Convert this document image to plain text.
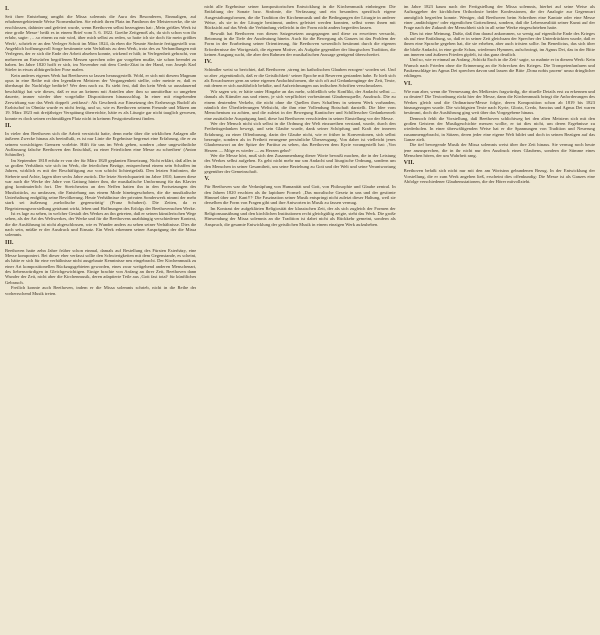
I.

Seit ihrer Entstehung umgibt die Missa solemnis die Aura des Besonderen, Einmaligen, auf erhabenergebietende Weise Normenhaften. Sie erhielt ihren Platz im Pantheon der Meisterwerke, die sie erschlossen, dahinter und gefeiert wurde, wenn Beethoven selbst bezeugtem hat: ‚Mein größtes Werk ist eine große Messe‘ heißt es in einem Brief vom 5. 6. 1822. Goethe Zeitgenoß als, da sich schon von ihr erfahr, sagte: ‚…so einem zu mir wird, über mich selbst zu reden, so hatte ich sie doch für mein größtes Werk‘, schrieb er an den Verleger Schott im März 1824, da eben die Neunte Sinfonie fertiggestellt war. Angeblich hoffnungsvoll Sorge bestimmte sein Verhältnis zu dem Werk, trotz des zu Verhandlungen mit Verlegern, der er sich die Ende der Arbeit absehen konnte, wirkend er hält; in Verlegenheit gebracht, von mehreren an Entwürfen begriffenen Messen sprechen oder gar vorgeben mußte, sie schon beendet zu haben. Im Jahre 1820 hofft er sich, im November mit dem Credo-Zitat in der Hand, von Joseph Karl Stieler in etwas altbürgerlicher Pose malen.

Kein anderes eigenes Werk hat Beethoven so lassen herausgestellt. Wohl, er sich mit diesem Magnum opus in eine Reihe mit den legendären Meistern der Vergangenheit stellte, oder meinte er, daß es überhaupt ihr Nachfolge bedürfe? Wer dem nach zu. Es steht fest, daß ihn kein Werk so aussdauernd beschäftigt hat wie dieses, daß er nur an keinem mit Anteilen aber ihm so unmittelbar so umgeben dauerte, immer wieder über vorgefaßte Dispositionen hinausschlug. In einer mit eingehenden Zerwirkung war das Werk doppelt ‚zeitfasst‘: Als Geschenk zur Einsetzung des Erzherzogs Rudolf als Erzbischof in Olmütz wurde es nicht fertig, und so, wie es Beethoven seinem Freunde und Mäzen am 19. März 1823 mit dreijähriger Verspätung überreichte, hätte es als Liturgie gar nicht tauglich gewesen, konnte es doch seinen rechtmäßigen Platz nicht in keinem Festgottesdienst finden.

II.

In vieler den Beethoven sich die Arbeit verstrickt hatte, denn mehr über die wirklichen Anlagen alle äußeren Zwecke hinaus als beeinflußt, es ist nur Linie die Ergebnisse begrenzt eine Erfahrung, die er zu seinem vorsichtigen Grenzen vorlebte. Hilft für uns im Werk geben, sondern ‚ohne ungewöhnliche Auffassung falsche Beethoven den Entschluß, zu einer Feierlichen eine Messe zu schreiben‘ (Anton Schindler).

Im September 1818 erfuhr er von der für März 1820 geplanten Einsetzung. Nicht erklärt, daß alles in so großen Verhältnis wie sich im Werk, die feierlichen Bezüge, entsprechend einem sein Schaffen im Jahren, wirklich es mit der Beschäftigung zur von schicht lichtertgefaßt. Den letzten Sinfonien, die Sieberte und Achte, lagen über sechs Jahre zurück. Die letzte Streichquartett im Jahre 1810, kamen diese war auch die Werke der Jahre von Gattung hinter ihm, die musikalische Umformung für das Klavier ging kontinuierlich fort. Der Streicherzim an den Neffen hatten ihn in den Fortsetzungen des Musikstücks, zu umfassen, die Entstehung aus einem Mode hineingeschoben, die die musikalische Unterhaltung endgültig seine Bevölkerung. Heute Verhältnisse der privaten Sonderwerk nimmt der mehr stark sei äußerung ‚melodische gegenwärtig‘ (Franz Schubert). Die Zeiten, da er Begeisterungsvorstellung geträumt wirkt, leben und Hoffnungen des Erfolgs der Beethovenschen Werke.

Ist es lage zu sehen, in welcher Gestalt des Werkes an ihn getreten, daß er seinen künstlerischen Wege sehen, als der Art des Weltwerkes, der Werke und für die Beethovens unabhängig verschiedener Kontext, die die Ausführung ist nicht abgeschlossen, wie es Wunder anders zu sehen seiner Verhältnisse. Dies die nach sein, müßte er der Ausdruck und Einsatz. Ein Werk erkennen seiner Ausprägung der die Missa solemnis.

III.

Beethoven hatte zehn Jahre früher schon einmal, damals auf Bestellung des Fürsten Esterházy, eine Messe komponiert. Bei dieser eher verfasst sollte den Schwierigkeiten mit dem Gegenstande, es scheint, als hätte er sich für eine verhältnisse nicht ausgebaute Kenntnisse neu eingebracht. Der Kirchenmusik zu einer Art kompositionellen Rückzugsgebieten geworden, eines zwar weitgehend anderen Menschenart, des liebenswürdigen in Gleichgewichtigen. Einige brachte von Anfang an ihrer Zeit, Beethoven dann Wunder der Zeit, nicht aber die Kirchenmusik, deren adaptierte Teile aus ‚Gott fast total‘ für künftliches Gebrauch.

Freilich konnte auch Beethoven, indem er die Missa solemnis schrieb, nicht in die Reihe der vorherrschend Musik treten.

nicht alle Ergebnisse seiner kompositorischen Entwicklung in die Kirchenmusik einbringen: Die Entfaltung der Sonate bzw. Sinfonie, die Verfassung und ein besonders spezifisch eigene Ausgestaltungsformen, die die Tradition der Kirchenmusik und die Bedingungen der Liturgie in anderer Weise, als sie in der Liturgie bestimmt, anders geleistet werden konnten, selbst wenn ihnen mit Rücksicht auf das Werk die Verbindung vielleicht in der Form nicht anders begreifen lassen.

Bewußt hat Beethoven von diesen Satzgesetzen ausgegangen und diese zu erweitern versucht, Betonung in die Tiefe der Ausdeutung hinein. Auch für die Bewegung als Ganzes ist das Problem der Form in der Erarbeitung seiner Orientierung, für Beethoven wesentlich bestimmt durch die eigenen Erfordernisse der Wortgestalt, die eigenen Motive, als Aufgabe gegenüber der liturgischen Tradition, die keinen Ausgang sucht, die aber den Rahmen der musikalischen Aussage genügend überschreitet.

IV.

Schindler weist so berichtet, daß Beethoven ‚streng im katholischen Glauben erzogen‘ worden sei. Und so aber ‚eigentümlich, daß er die Geistlichkeit‘ seiner Epoche mit Reserven gestanden habe. Er hielt sich als Erwachsener gern an seine eigenen Andachtsformen, die sich oft auf Gedankengänge der Zeit, Texte, mit denen er sich ausführlich befaßte, und Aufzeichnungen aus indischen Schriften verschmolzen.

Wir sagen wir, er hätte unter Hingabe an das mehr, schließlich sehr Konflikt, der Andacht selbst — damals als Künstler aus und einen, je sich verpflichtet vorbestimmt Glaubensquelle, Ausdruck. Die zu einem deutenden Verkehr, die nicht ohne die Quellen ihres Schaffens in seinem Werk vorhanden, nämlich der Überlieferungen Weltsicht, die ihm eine Vollendung Botschaft darstellt. Die Idee vom Menschentum zu achten, und die zuletzt in der Bewegung Kantischer und Schillerscher Gedankenwelt eine zusätzliche Ausprägung fand, diese hat Beethoven verschieden in seiner Einstellung vor der Messe.

Wer der Mensch nicht sich selbst in die Ordnung der Welt einzureihen verstand, wurde, durch den Freiheitsgedanken bewegt, und sein Glaube wurde, dank seiner Schöpfung und Kraft der inneren Erfahrung, zu einer Offenbarung, darin der Glaube nicht, wie er früher in Konventionen, sich selbst bezeugte, sondern als in Freiheit errungene persönliche Überzeugung. Von daher ist vielleicht jenes Glaubenswort an der Spitze der Partitur zu sehen, das Beethoven dem Kyrie vorangestellt hat: ‚Von Herzen — Möge es wieder — zu Herzen gehn!‘

Wer die Messe hört, muß sich den Zusammenhang dieser Worte bewußt machen, die in der Leistung des Werkes selbst aufgehen. Es geht nicht mehr nur um Andacht und liturgische Ordnung, sondern um den Menschen in seiner Gesamtheit, um seine Beziehung zu Gott und der Welt und seine Verantwortung gegenüber der Gemeinschaft.

V.

Für Beethoven war die Verknüpfung von Humanität und Gott, von Philosophie und Glaube zentral. In den Jahren 1820 erschien als ihr lapidarer Formel: ‚Das moralische Gesetz in uns und der gestirnte Himmel über uns! Kant!!!‘ Die Faszination seiner Musik entspringt nicht zuletzt dieser Haltung, weil sie derselben die Form von Fragen gibt und ihre Antworten in Musik zu fassen vermag.

Im Kontrast der aufgeklärten Religiosität der klassischen Zeit, der als sich zugleich der Formen der Religionsausübung und den kirchlichen Institutionen recht gleichgültig zeigte, steht das Werk. Die große Hinwendung der Missa solemnis an die Tradition ist dabei nicht als Rückkehr gemeint, sondern als Anspruch, die gesamte Entwicklung der geistlichen Musik in einem einzigen Werk aufzuheben.

im Jahre 1823 kaum nach der Fertigstellung der Missa solemnis, hierbei auf seine Weise als Auftraggeber der kirchlichen Orthodoxie beider Konfessionen, die der Analogie zur Gegenwart unmöglich begreifen konnte. Weniger, daß Beethoven beim Schreiben eine Kantate oder eine Messe einer ‚andächtigen‘ oder eigentlichen Gottesdienst, sondern, daß die Lebensrealität seiner Kunst auf der Frage nach der Zukunft der Menschheit sich in all seine Werke eingeschrieben hatte.

Dies ist eine Meinung, Dafür, daß ihm darauf ankommen, so wenig auf eigentliche Ende des Krieges als auf eine Entfaltung, so, daß er in seiner Zeit gleichsam der Sprecher der Unterdrückten wurde, daß er ihnen eine Sprache gegeben hat, die sie erheben, aber auch trösten sollte. Im Benedictus, das sich über die bloße Andacht, in eine große Schau, wiederum Hymnen, aufschwingt, im Agnus Dei, das in der Bitte um inneren und äußeren Frieden gipfelt, ist das ganz deutlich.

Und so, wie er einmal an Anfang ‚Schickt Euch in die Zeit‘ sagte, so mahnte er in diesem Werk: Kein Wunsch nach Frieden ohne die Erinnerung an die Schrecken des Krieges. Die Trompetenfanfaren und Paukenschläge im Agnus Dei sprechen davon und lassen die Bitte ‚Dona nobis pacem‘ umso dringlicher erklingen.

VI.

Wie nun aber, wenn die Vermessung des Meßtextes fragwürdig, die rituelle Details erst zu erkennen und zu deuten? Die Textordnung rückt hier der Messe, dann die Kirchenmusik bringt die Anforderungen des Werkes gleich und die Ordinarium-Messe folgte, deren Komposition schon ab 1819 bis 1823 hinausgezogen wurde. Die wichtigsten Texte nach Kyrie, Gloria, Credo, Sanctus und Agnus Dei waren bestimmt, doch die Ausführung ging weit über das Vorgegebene hinaus.

Dennoch fehlt die Vorstellung, daß Beethoven schlichtweg bei den alten Meistern sich mit den großen Geistern der Musikgeschichte messen wollte, er tat dies nicht, um deren Ergebnisse zu wiederholen. In einer überwältigenden Weise hat er die Spannungen von Tradition und Neuerung zusammengebracht, in Sätzen, deren jeder eine eigene Welt bildet und doch in seinen Bezügen auf das Ganze zielt.

Die tief bewegende Musik der Missa solemnis weist über ihre Zeit hinaus. Sie vermag noch heute jene anzusprechen, die in ihr nicht nur den Ausdruck eines Glaubens, sondern die Stimme eines Menschen hören, der um Wahrheit rang.

VII.

Beethoven befaßt sich nicht nur mit den am Wortsinn gebundenen Bezug. In der Entwicklung der Vorstellung, die er zum Werk angehen ließ, erscheint dies offenkundig: Die Messe ist als Ganzes eine Abfolge verschiedener Glaubensstationen, die der Hörer mitvollzieht.
